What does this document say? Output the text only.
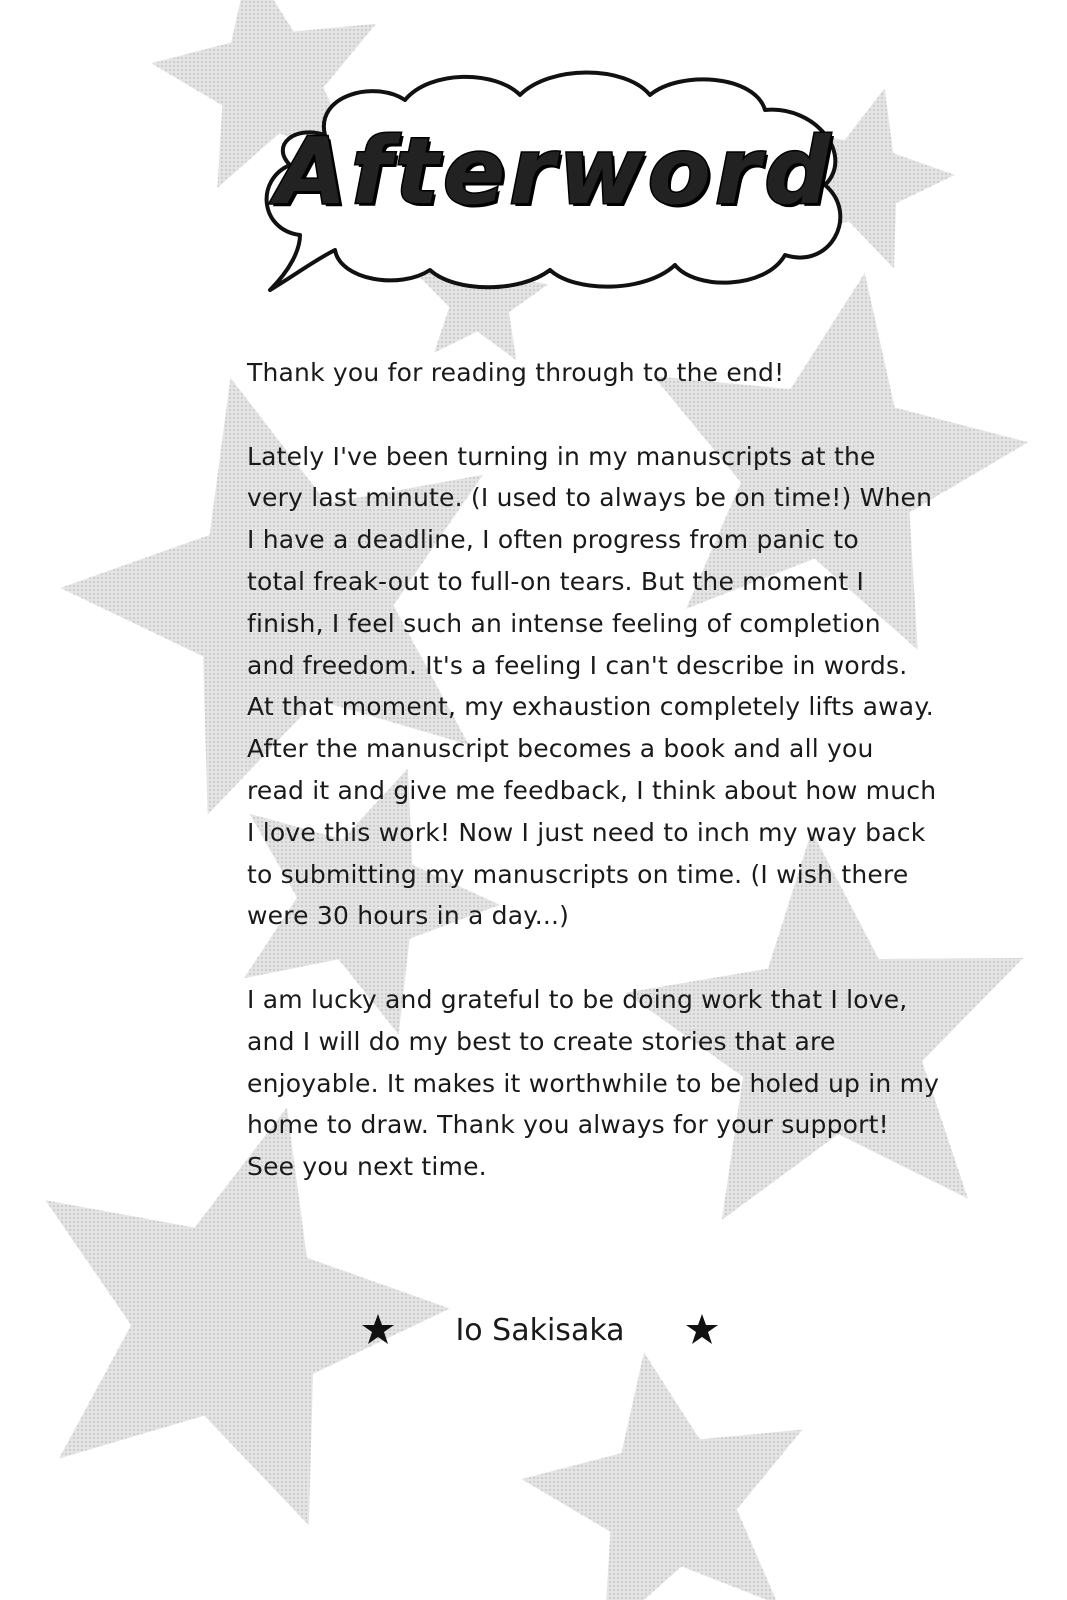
Afterword
Thank you for reading through to the end!
Lately I've been turning in my manuscripts at the
very last minute. (I used to always be on time!) When
I have a deadline, I often progress from panic to
total freak-out to full-on tears. But the moment I
finish, I feel such an intense feeling of completion
and freedom. It's a feeling I can't describe in words.
At that moment, my exhaustion completely lifts away.
After the manuscript becomes a book and all you
read it and give me feedback, I think about how much
I love this work! Now I just need to inch my way back
to submitting my manuscripts on time. (I wish there
were 30 hours in a day...)
I am lucky and grateful to be doing work that I love,
and I will do my best to create stories that are
enjoyable. It makes it worthwhile to be holed up in my
home to draw. Thank you always for your support!
See you next time.
Io Sakisaka
